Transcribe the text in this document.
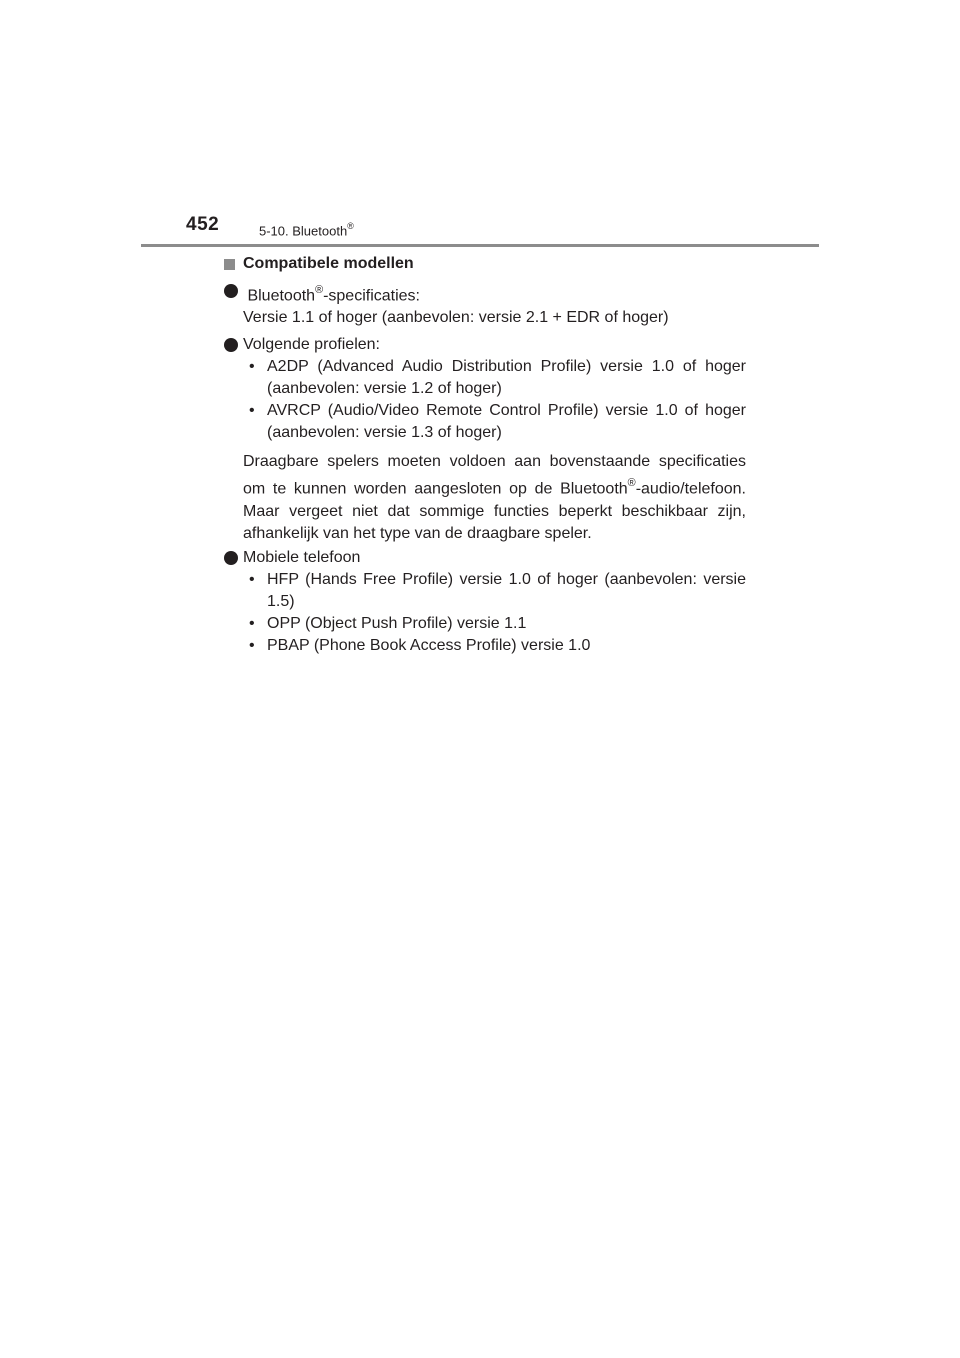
452	5-10. Bluetooth®
Compatibele modellen
Bluetooth®-specificaties:
Versie 1.1 of hoger (aanbevolen: versie 2.1 + EDR of hoger)
Volgende profielen:
• A2DP (Advanced Audio Distribution Profile) versie 1.0 of hoger (aanbevolen: versie 1.2 of hoger)
• AVRCP (Audio/Video Remote Control Profile) versie 1.0 of hoger (aanbevolen: versie 1.3 of hoger)
Draagbare spelers moeten voldoen aan bovenstaande specificaties om te kunnen worden aangesloten op de Bluetooth®-audio/telefoon. Maar vergeet niet dat sommige functies beperkt beschikbaar zijn, afhankelijk van het type van de draagbare speler.
Mobiele telefoon
• HFP (Hands Free Profile) versie 1.0 of hoger (aanbevolen: versie 1.5)
• OPP (Object Push Profile) versie 1.1
• PBAP (Phone Book Access Profile) versie 1.0
